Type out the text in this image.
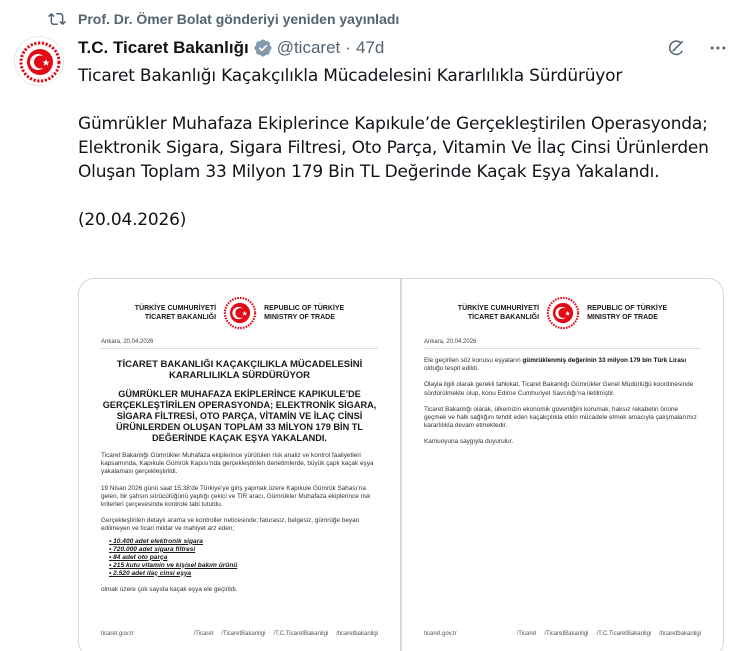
Prof. Dr. Ömer Bolat gönderiyi yeniden yayınladı
T.C. Ticaret Bakanlığı @ticaret · 47d

Ticaret Bakanlığı Kaçakçılıkla Mücadelesini Kararlılıkla Sürdürüyor

Gümrükler Muhafaza Ekiplerince Kapıkule’de Gerçekleştirilen Operasyonda; Elektronik Sigara, Sigara Filtresi, Oto Parça, Vitamin Ve İlaç Cinsi Ürünlerden Oluşan Toplam 33 Milyon 179 Bin TL Değerinde Kaçak Eşya Yakalandı.

(20.04.2026)

TÜRKİYE CUMHURİYETİ
TİCARET BAKANLIĞI
REPUBLIC OF TÜRKİYE
MINISTRY OF TRADE
Ankara, 20.04.2026
TİCARET BAKANLIĞI KAÇAKÇILIKLA MÜCADELESİNİ KARARLILIKLA SÜRDÜRÜYOR
GÜMRÜKLER MUHAFAZA EKİPLERİNCE KAPIKULE’DE GERÇEKLEŞTİRİLEN OPERASYONDA; ELEKTRONİK SİGARA, SİGARA FİLTRESİ, OTO PARÇA, VİTAMİN VE İLAÇ CİNSİ ÜRÜNLERDEN OLUŞAN TOPLAM 33 MİLYON 179 BİN TL DEĞERİNDE KAÇAK EŞYA YAKALANDI.
Ticaret Bakanlığı Gümrükler Muhafaza ekiplerince yürütülen risk analiz ve kontrol faaliyetleri kapsamında, Kapıkule Gümrük Kapısı’nda gerçekleştirilen denetimlerde, büyük çaplı kaçak eşya yakalaması gerçekleştirildi.
19 Nisan 2026 günü saat 15:38’de Türkiye’ye giriş yapmak üzere Kapıkule Gümrük Sahası’na gelen, bir şahsın sürücülüğünü yaptığı çekici ve TIR aracı, Gümrükler Muhafaza ekiplerince risk kriterleri çerçevesinde kontrole tabi tutuldu.
Gerçekleştirilen detaylı arama ve kontroller neticesinde; faturasız, belgesiz, gümrüğe beyan edilmeyen ve ticari miktar ve mahiyet arz eden;
• 10.400 adet elektronik sigara
• 720.000 adet sigara filtresi
• 84 adet oto parça
• 215 kutu vitamin ve kişisel bakım ürünü
• 2.520 adet ilaç cinsi eşya
olmak üzere çok sayıda kaçak eşya ele geçirildi.
ticaret.gov.tr	/Ticaret /TicaretBakanligi /T.C.TicaretBakanligi /ticaretbakanligi
TÜRKİYE CUMHURİYETİ
TİCARET BAKANLIĞI
REPUBLIC OF TÜRKİYE
MINISTRY OF TRADE
Ankara, 20.04.2026
Ele geçirilen söz konusu eşyaların gümrüklenmiş değerinin 33 milyon 179 bin Türk Lirası olduğu tespit edildi.
Olayla ilgili olarak gerekli tahkikat, Ticaret Bakanlığı Gümrükler Genel Müdürlüğü koordinesinde sürdürülmekte olup, konu Edirne Cumhuriyet Savcılığı’na iletilmiştir.
Ticaret Bakanlığı olarak, ülkemizin ekonomik güvenliğini korumak, haksız rekabetin önüne geçmek ve halk sağlığını tehdit eden kaçakçılıkla etkin mücadele etmek amacıyla çalışmalarımız kararlılıkla devam etmektedir.
Kamuoyuna saygıyla duyurulur.
ticaret.gov.tr	/Ticaret /TicaretBakanligi /T.C.TicaretBakanligi /ticaretbakanligi
